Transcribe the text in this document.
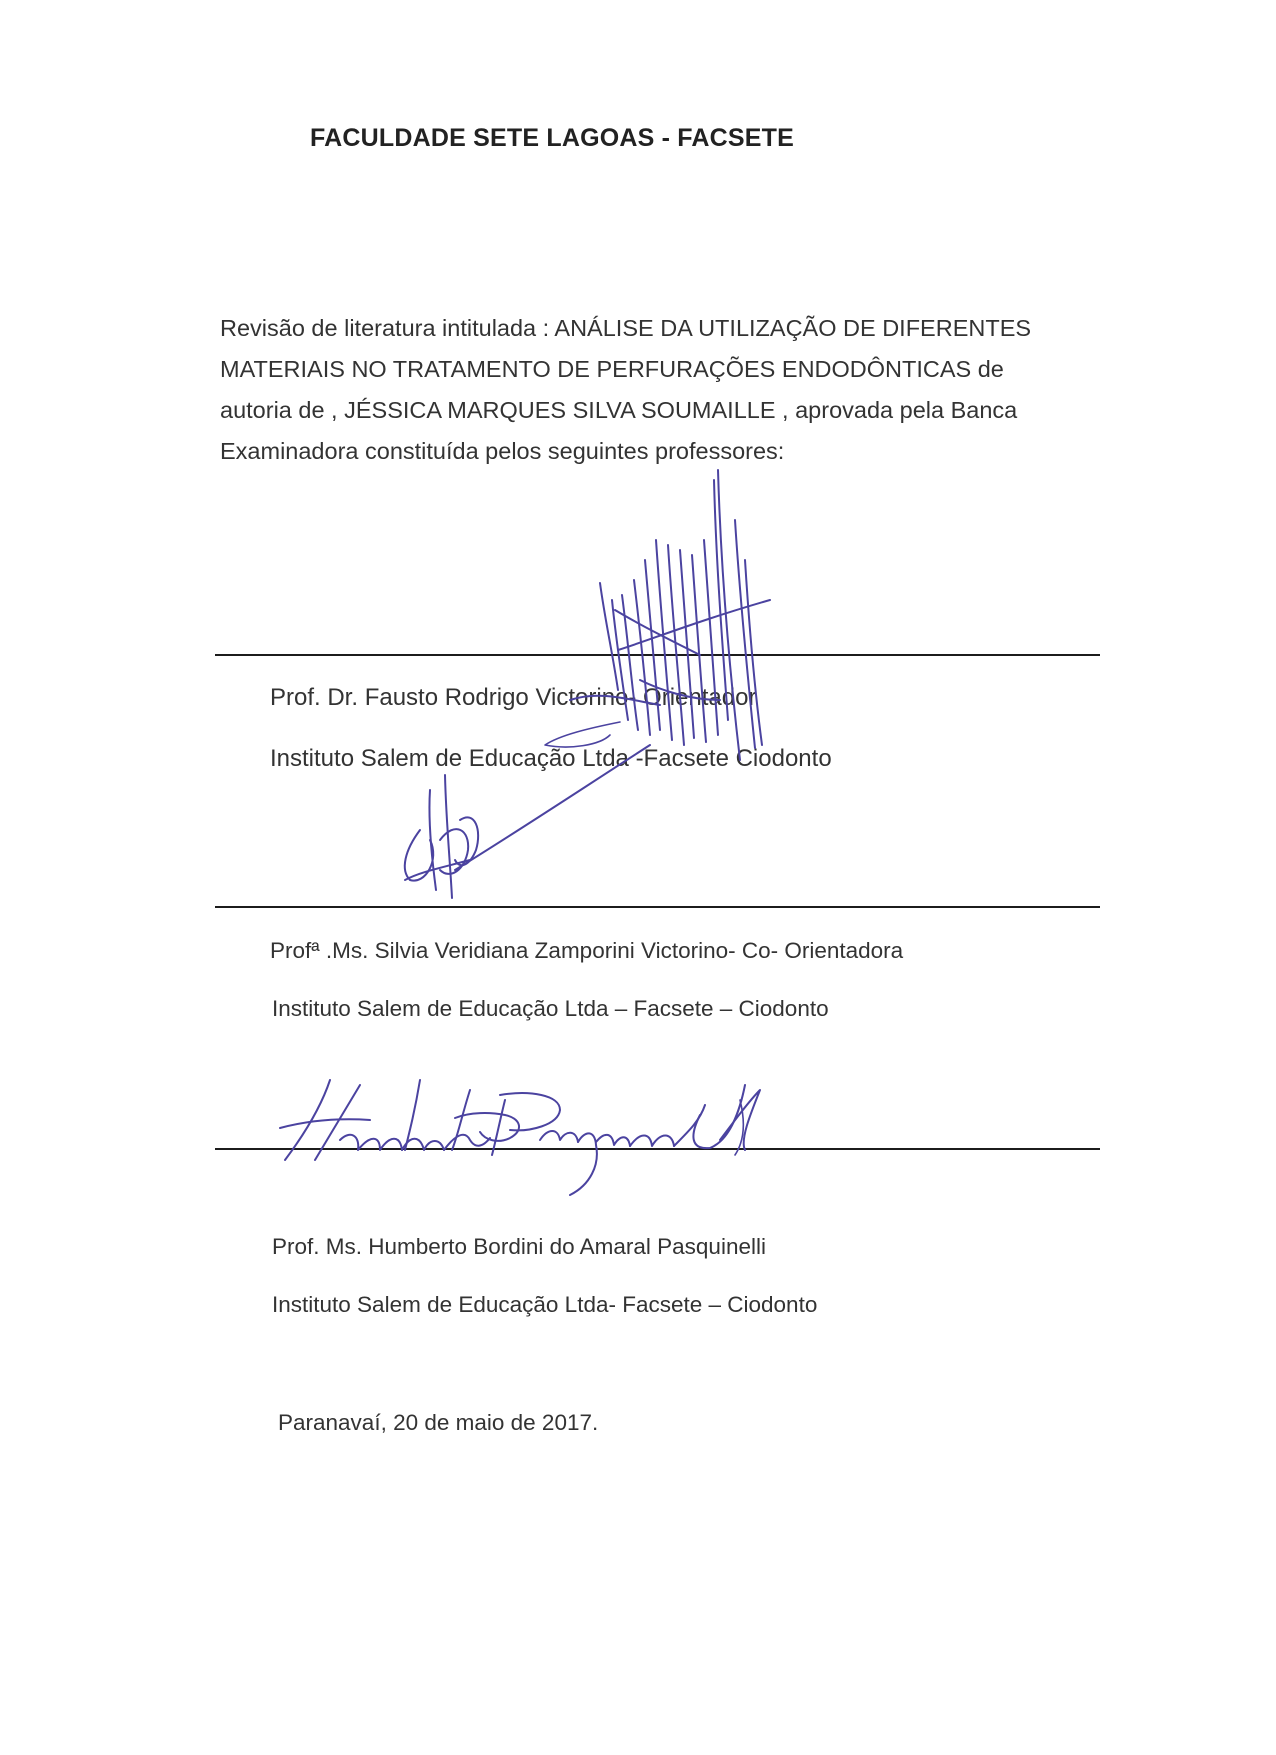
FACULDADE SETE LAGOAS - FACSETE
Revisão de literatura intitulada : ANÁLISE DA UTILIZAÇÃO DE DIFERENTES
MATERIAIS NO TRATAMENTO DE PERFURAÇÕES ENDODÔNTICAS de
autoria de , JÉSSICA MARQUES SILVA SOUMAILLE , aprovada pela Banca
Examinadora constituída pelos seguintes professores:
Prof. Dr. Fausto Rodrigo Victorino- Orientador
Instituto Salem de Educação Ltda -Facsete Ciodonto
Profª .Ms. Silvia Veridiana Zamporini Victorino- Co- Orientadora
Instituto Salem de Educação Ltda – Facsete – Ciodonto
Prof. Ms. Humberto Bordini do Amaral Pasquinelli
Instituto Salem de Educação Ltda- Facsete – Ciodonto
Paranavaí, 20 de maio de 2017.
